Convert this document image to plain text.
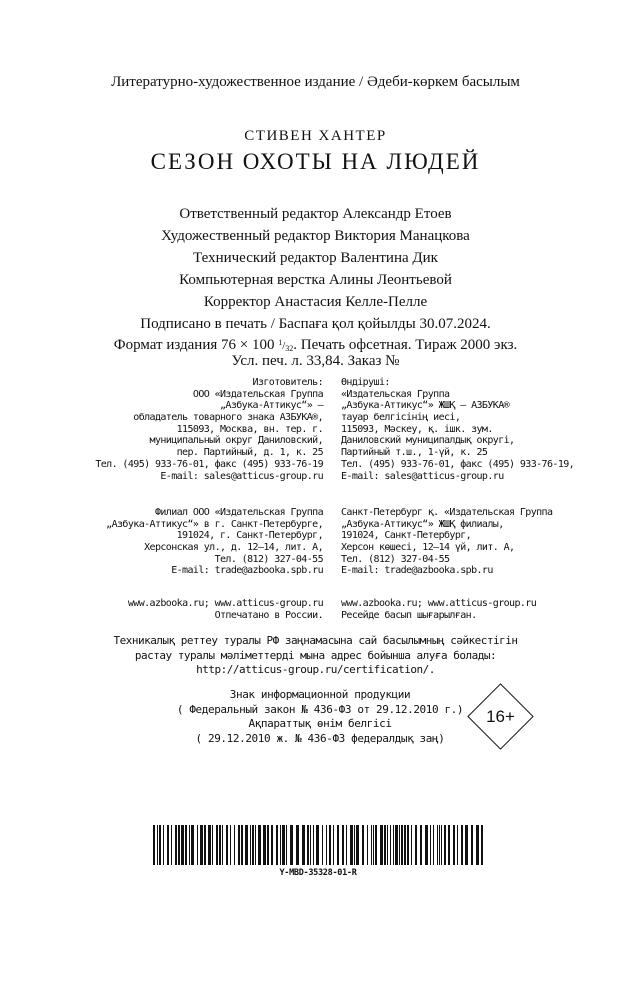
Литературно-художественное издание / Әдеби-көркем басылым
СТИВЕН ХАНТЕР
СЕЗОН ОХОТЫ НА ЛЮДЕЙ
Ответственный редактор Александр Етоев
Художественный редактор Виктория Манацкова
Технический редактор Валентина Дик
Компьютерная верстка Алины Леонтьевой
Корректор Анастасия Келле-Пелле
Подписано в печать / Баспаға қол қойылды 30.07.2024.
Формат издания 76 × 100 $^1/_{32}$. Печать офсетная. Тираж 2000 экз.
Усл. печ. л. 33,84. Заказ №
Изготовитель:
ООО «Издательская Группа
„Азбука-Аттикус“» —
обладатель товарного знака АЗБУКА®,
115093, Москва, вн. тер. г.
муниципальный округ Даниловский,
пер. Партийный, д. 1, к. 25
Тел. (495) 933-76-01, факс (495) 933-76-19
E-mail: sales@atticus-group.ru
Өндіруші:
«Издательская Группа
„Азбука-Аттикус“» ЖШҚ — АЗБУКА®
тауар белгісінің иесі,
115093, Мәскеу, қ. ішк. зум.
Даниловский муниципалдық округі,
Партийный т.ш., 1-үй, к. 25
Тел. (495) 933-76-01, факс (495) 933-76-19,
E-mail: sales@atticus-group.ru
Филиал ООО «Издательская Группа
„Азбука-Аттикус“» в г. Санкт-Петербурге,
191024, г. Санкт-Петербург,
Херсонская ул., д. 12–14, лит. А,
Тел. (812) 327-04-55
E-mail: trade@azbooka.spb.ru
Санкт-Петербург қ. «Издательская Группа
„Азбука-Аттикус“» ЖШҚ филиалы,
191024, Санкт-Петербург,
Херсон көшесі, 12–14 үй, лит. А,
Тел. (812) 327-04-55
E-mail: trade@azbooka.spb.ru
www.azbooka.ru; www.atticus-group.ru
Отпечатано в России.
www.azbooka.ru; www.atticus-group.ru
Ресейде басып шығарылған.
Техникалық реттеу туралы РФ заңнамасына сай басылымның сәйкестігін
растау туралы мәліметтерді мына адрес бойынша алуға болады:
http://atticus-group.ru/certification/.
Знак информационной продукции
( Федеральный закон № 436-ФЗ от 29.12.2010 г.)
Ақпараттық өнім белгісі
( 29.12.2010 ж. № 436-ФЗ федералдық заң)
16+
Y-MBD-35328-01-R
